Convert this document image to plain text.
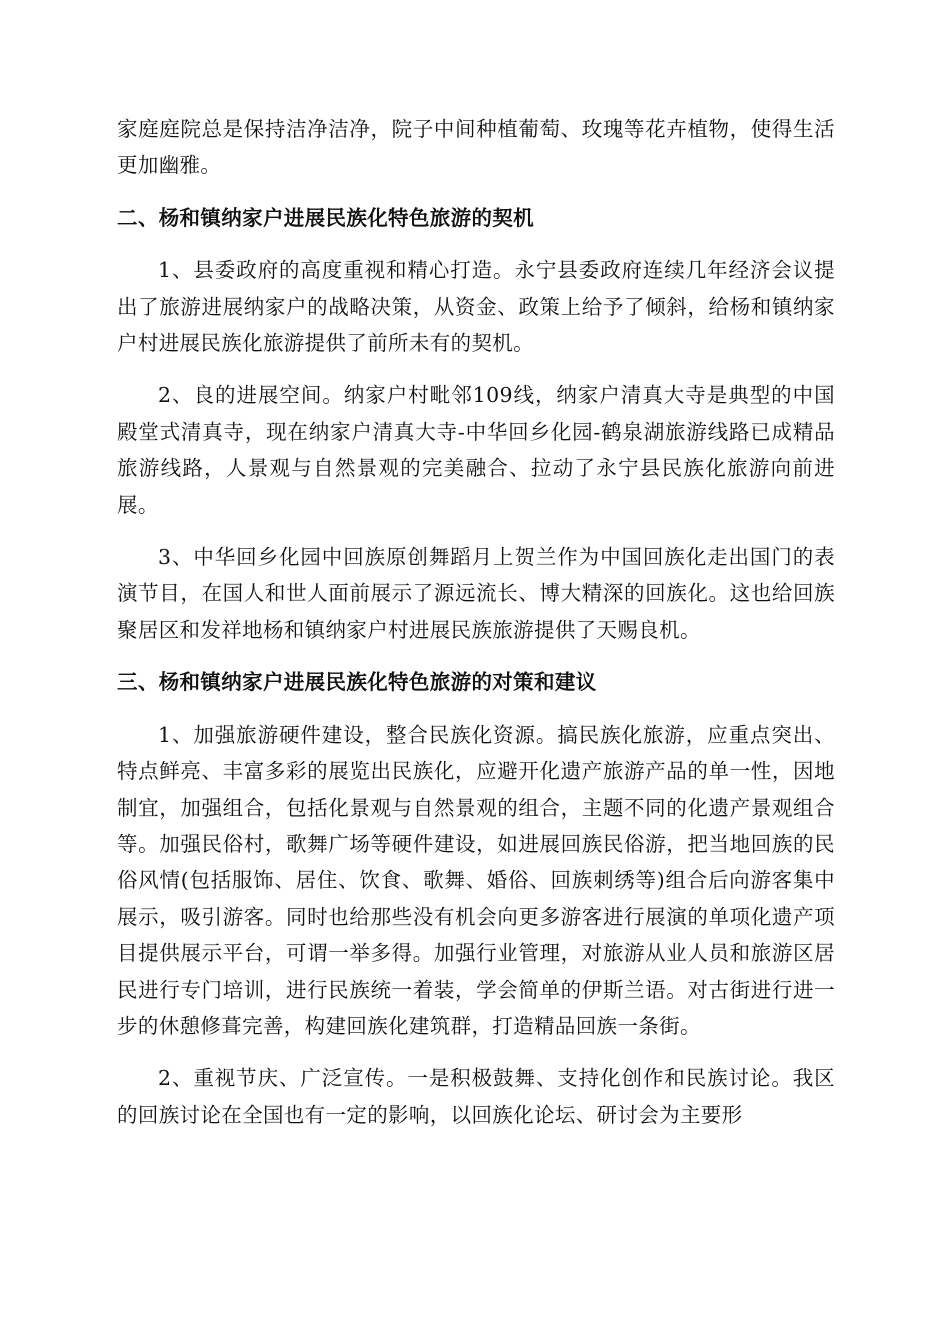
家庭庭院总是保持洁净洁净，院子中间种植葡萄、玫瑰等花卉植物，使得生活更加幽雅。

二、杨和镇纳家户进展民族化特色旅游的契机

1、县委政府的高度重视和精心打造。永宁县委政府连续几年经济会议提出了旅游进展纳家户的战略决策，从资金、政策上给予了倾斜，给杨和镇纳家户村进展民族化旅游提供了前所未有的契机。

2、良的进展空间。纳家户村毗邻109线，纳家户清真大寺是典型的中国殿堂式清真寺，现在纳家户清真大寺-中华回乡化园-鹤泉湖旅游线路已成精品旅游线路，人景观与自然景观的完美融合、拉动了永宁县民族化旅游向前进展。

3、中华回乡化园中回族原创舞蹈月上贺兰作为中国回族化走出国门的表演节目，在国人和世人面前展示了源远流长、博大精深的回族化。这也给回族聚居区和发祥地杨和镇纳家户村进展民族旅游提供了天赐良机。

三、杨和镇纳家户进展民族化特色旅游的对策和建议

1、加强旅游硬件建设，整合民族化资源。搞民族化旅游，应重点突出、特点鲜亮、丰富多彩的展览出民族化，应避开化遗产旅游产品的单一性，因地制宜，加强组合，包括化景观与自然景观的组合，主题不同的化遗产景观组合等。加强民俗村，歌舞广场等硬件建设，如进展回族民俗游，把当地回族的民俗风情(包括服饰、居住、饮食、歌舞、婚俗、回族刺绣等)组合后向游客集中展示，吸引游客。同时也给那些没有机会向更多游客进行展演的单项化遗产项目提供展示平台，可谓一举多得。加强行业管理，对旅游从业人员和旅游区居民进行专门培训，进行民族统一着装，学会简单的伊斯兰语。对古街进行进一步的休憩修葺完善，构建回族化建筑群，打造精品回族一条街。

2、重视节庆、广泛宣传。一是积极鼓舞、支持化创作和民族讨论。我区的回族讨论在全国也有一定的影响，以回族化论坛、研讨会为主要形
